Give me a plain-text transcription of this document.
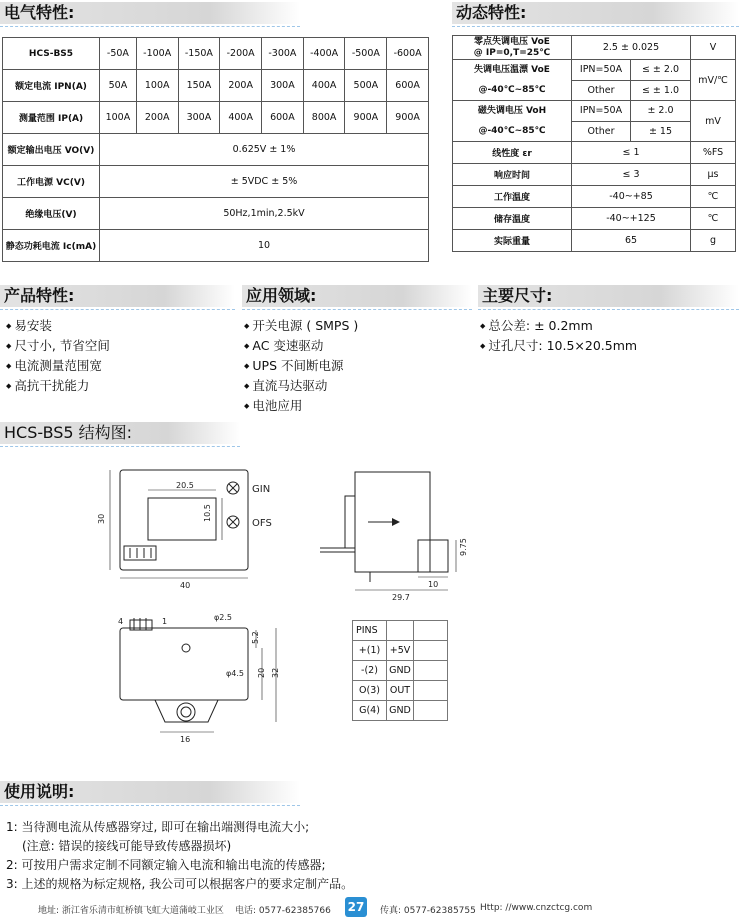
电气特性:	动态特性:
HCS-BS5	-50A	-100A	-150A	-200A	-300A	-400A	-500A	-600A
额定电流 IPN(A)	50A	100A	150A	200A	300A	400A	500A	600A
测量范围 IP(A)	100A	200A	300A	400A	600A	800A	900A	900A
额定输出电压 VO(V)	0.625V ± 1%							
工作电源 VC(V)	± 5VDC ± 5%							
绝缘电压(V)	50Hz,1min,2.5kV							
静态功耗电流 Ic(mA)	10							
零点失调电压 VoE
@ IP=0,T=25℃	2.5 ± 0.025		V

失调电压温漂 VoE
@-40℃~85℃	IPN=50A	≤ ± 2.0	mV/℃
	Other	≤ ± 1.0	

磁失调电压 VoH
@-40℃~85℃	IPN=50A	± 2.0	mV
	Other	± 15	
线性度 εr	≤ 1		%FS
响应时间	≤ 3		μs
工作温度	-40~+85		℃
储存温度	-40~+125		℃
实际重量	65		g
产品特性:	应用领域:	主要尺寸:
◆ 易安装
◆ 尺寸小, 节省空间
◆ 电流测量范围宽
◆ 高抗干扰能力
◆ 开关电源 ( SMPS )
◆ AC 变速驱动
◆ UPS 不间断电源
◆ 直流马达驱动
◆ 电池应用
◆ 总公差: ± 0.2mm
◆ 过孔尺寸: 10.5×20.5mm
HCS-BS5 结构图:
20.5
10.5
30
40
29.7
10
9.75
φ2.5
φ4.5
5.2
20 32
16
4	1
GIN
OFS
PINS		
+(1)	+5V	
-(2)	GND	
O(3)	OUT	
G(4)	GND	
使用说明:
1: 当待测电流从传感器穿过, 即可在输出端测得电流大小;
(注意: 错误的接线可能导致传感器损坏)
2: 可按用户需求定制不同额定输入电流和输出电流的传感器;
3: 上述的规格为标定规格, 我公司可以根据客户的要求定制产品。
地址: 浙江省乐清市虹桥镇飞虹大道蒲岐工业区 电话: 0577-62385766 27 传真: 0577-62385755 Http: //www.cnzctcg.com
